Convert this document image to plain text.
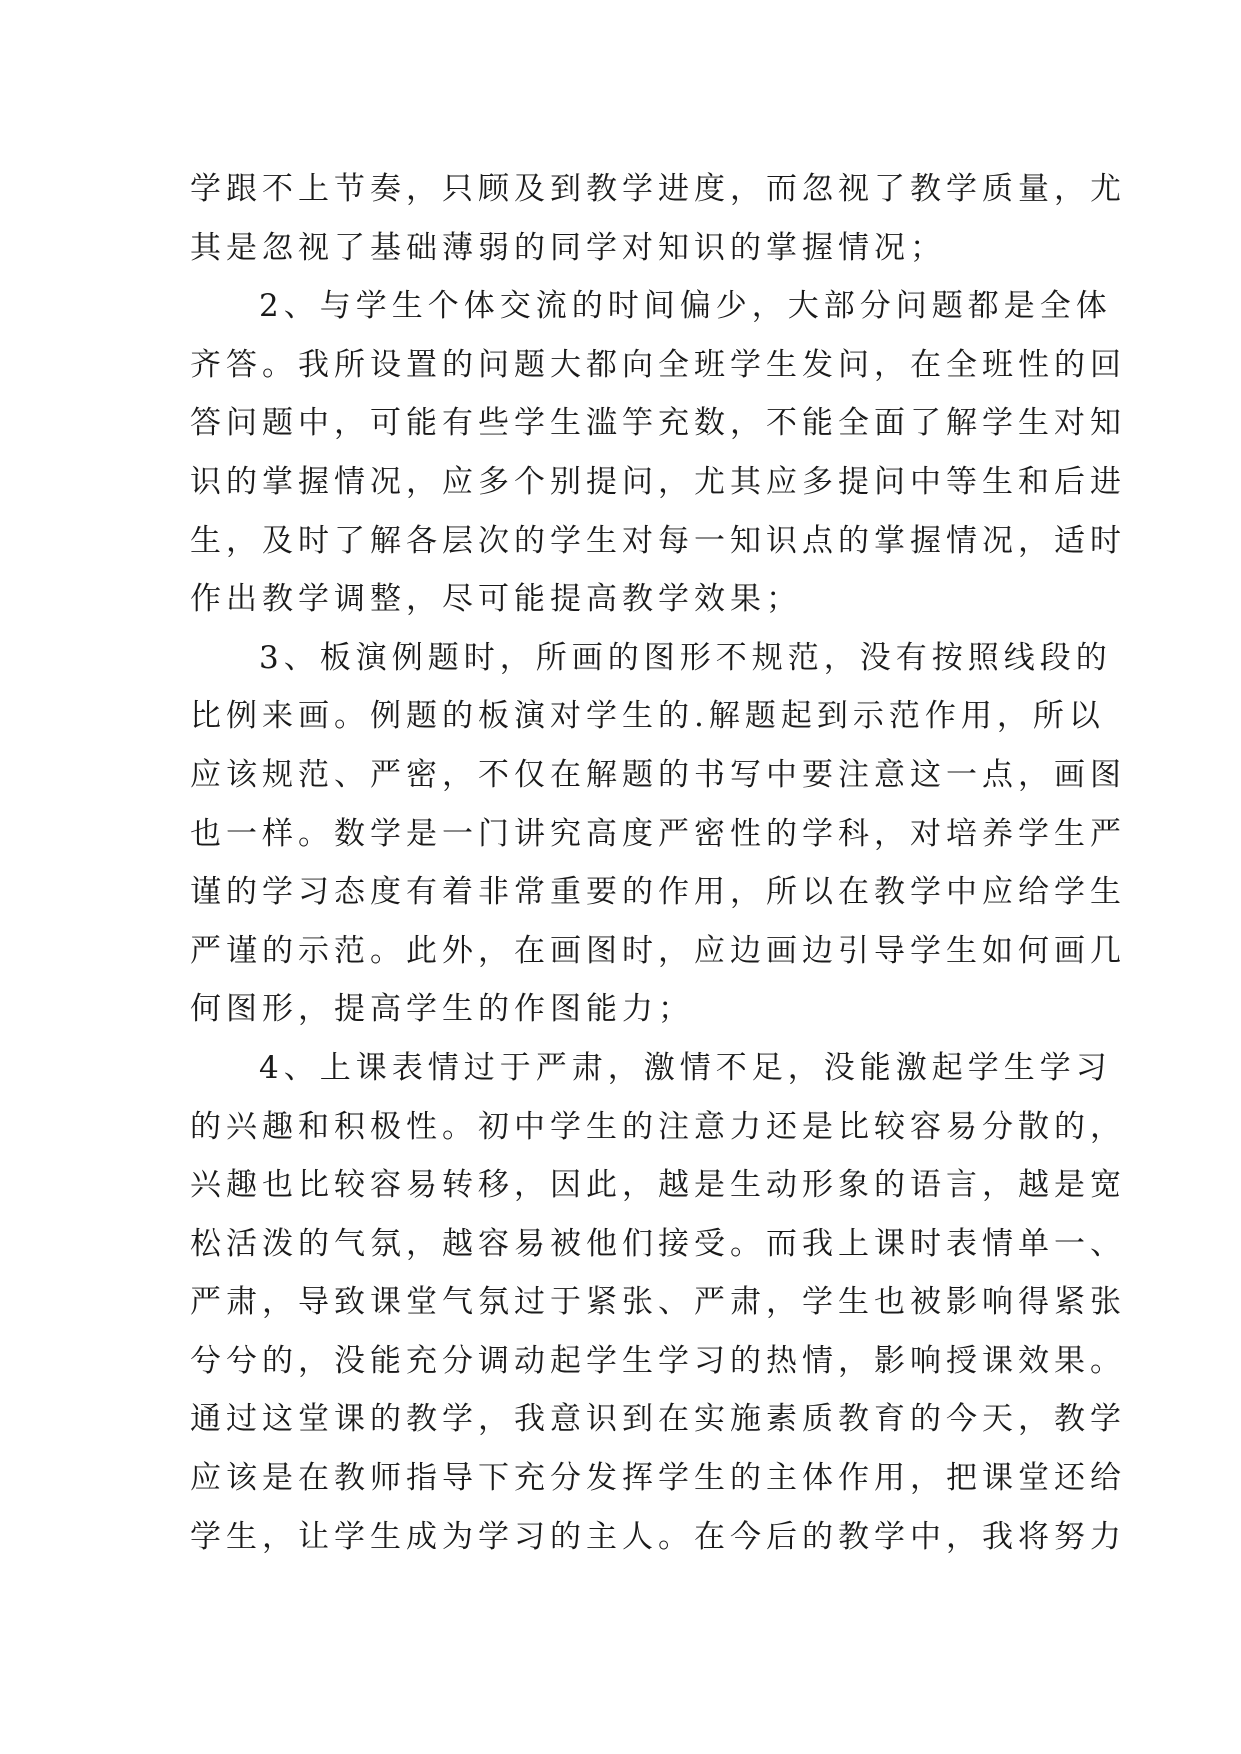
学跟不上节奏，只顾及到教学进度，而忽视了教学质量，尤
其是忽视了基础薄弱的同学对知识的掌握情况；
2、与学生个体交流的时间偏少，大部分问题都是全体
齐答。我所设置的问题大都向全班学生发问，在全班性的回
答问题中，可能有些学生滥竽充数，不能全面了解学生对知
识的掌握情况，应多个别提问，尤其应多提问中等生和后进
生，及时了解各层次的学生对每一知识点的掌握情况，适时
作出教学调整，尽可能提高教学效果；
3、板演例题时，所画的图形不规范，没有按照线段的
比例来画。例题的板演对学生的.解题起到示范作用，所以
应该规范、严密，不仅在解题的书写中要注意这一点，画图
也一样。数学是一门讲究高度严密性的学科，对培养学生严
谨的学习态度有着非常重要的作用，所以在教学中应给学生
严谨的示范。此外，在画图时，应边画边引导学生如何画几
何图形，提高学生的作图能力；
4、上课表情过于严肃，激情不足，没能激起学生学习
的兴趣和积极性。初中学生的注意力还是比较容易分散的，
兴趣也比较容易转移，因此，越是生动形象的语言，越是宽
松活泼的气氛，越容易被他们接受。而我上课时表情单一、
严肃，导致课堂气氛过于紧张、严肃，学生也被影响得紧张
兮兮的，没能充分调动起学生学习的热情，影响授课效果。
通过这堂课的教学，我意识到在实施素质教育的今天，教学
应该是在教师指导下充分发挥学生的主体作用，把课堂还给
学生，让学生成为学习的主人。在今后的教学中，我将努力
